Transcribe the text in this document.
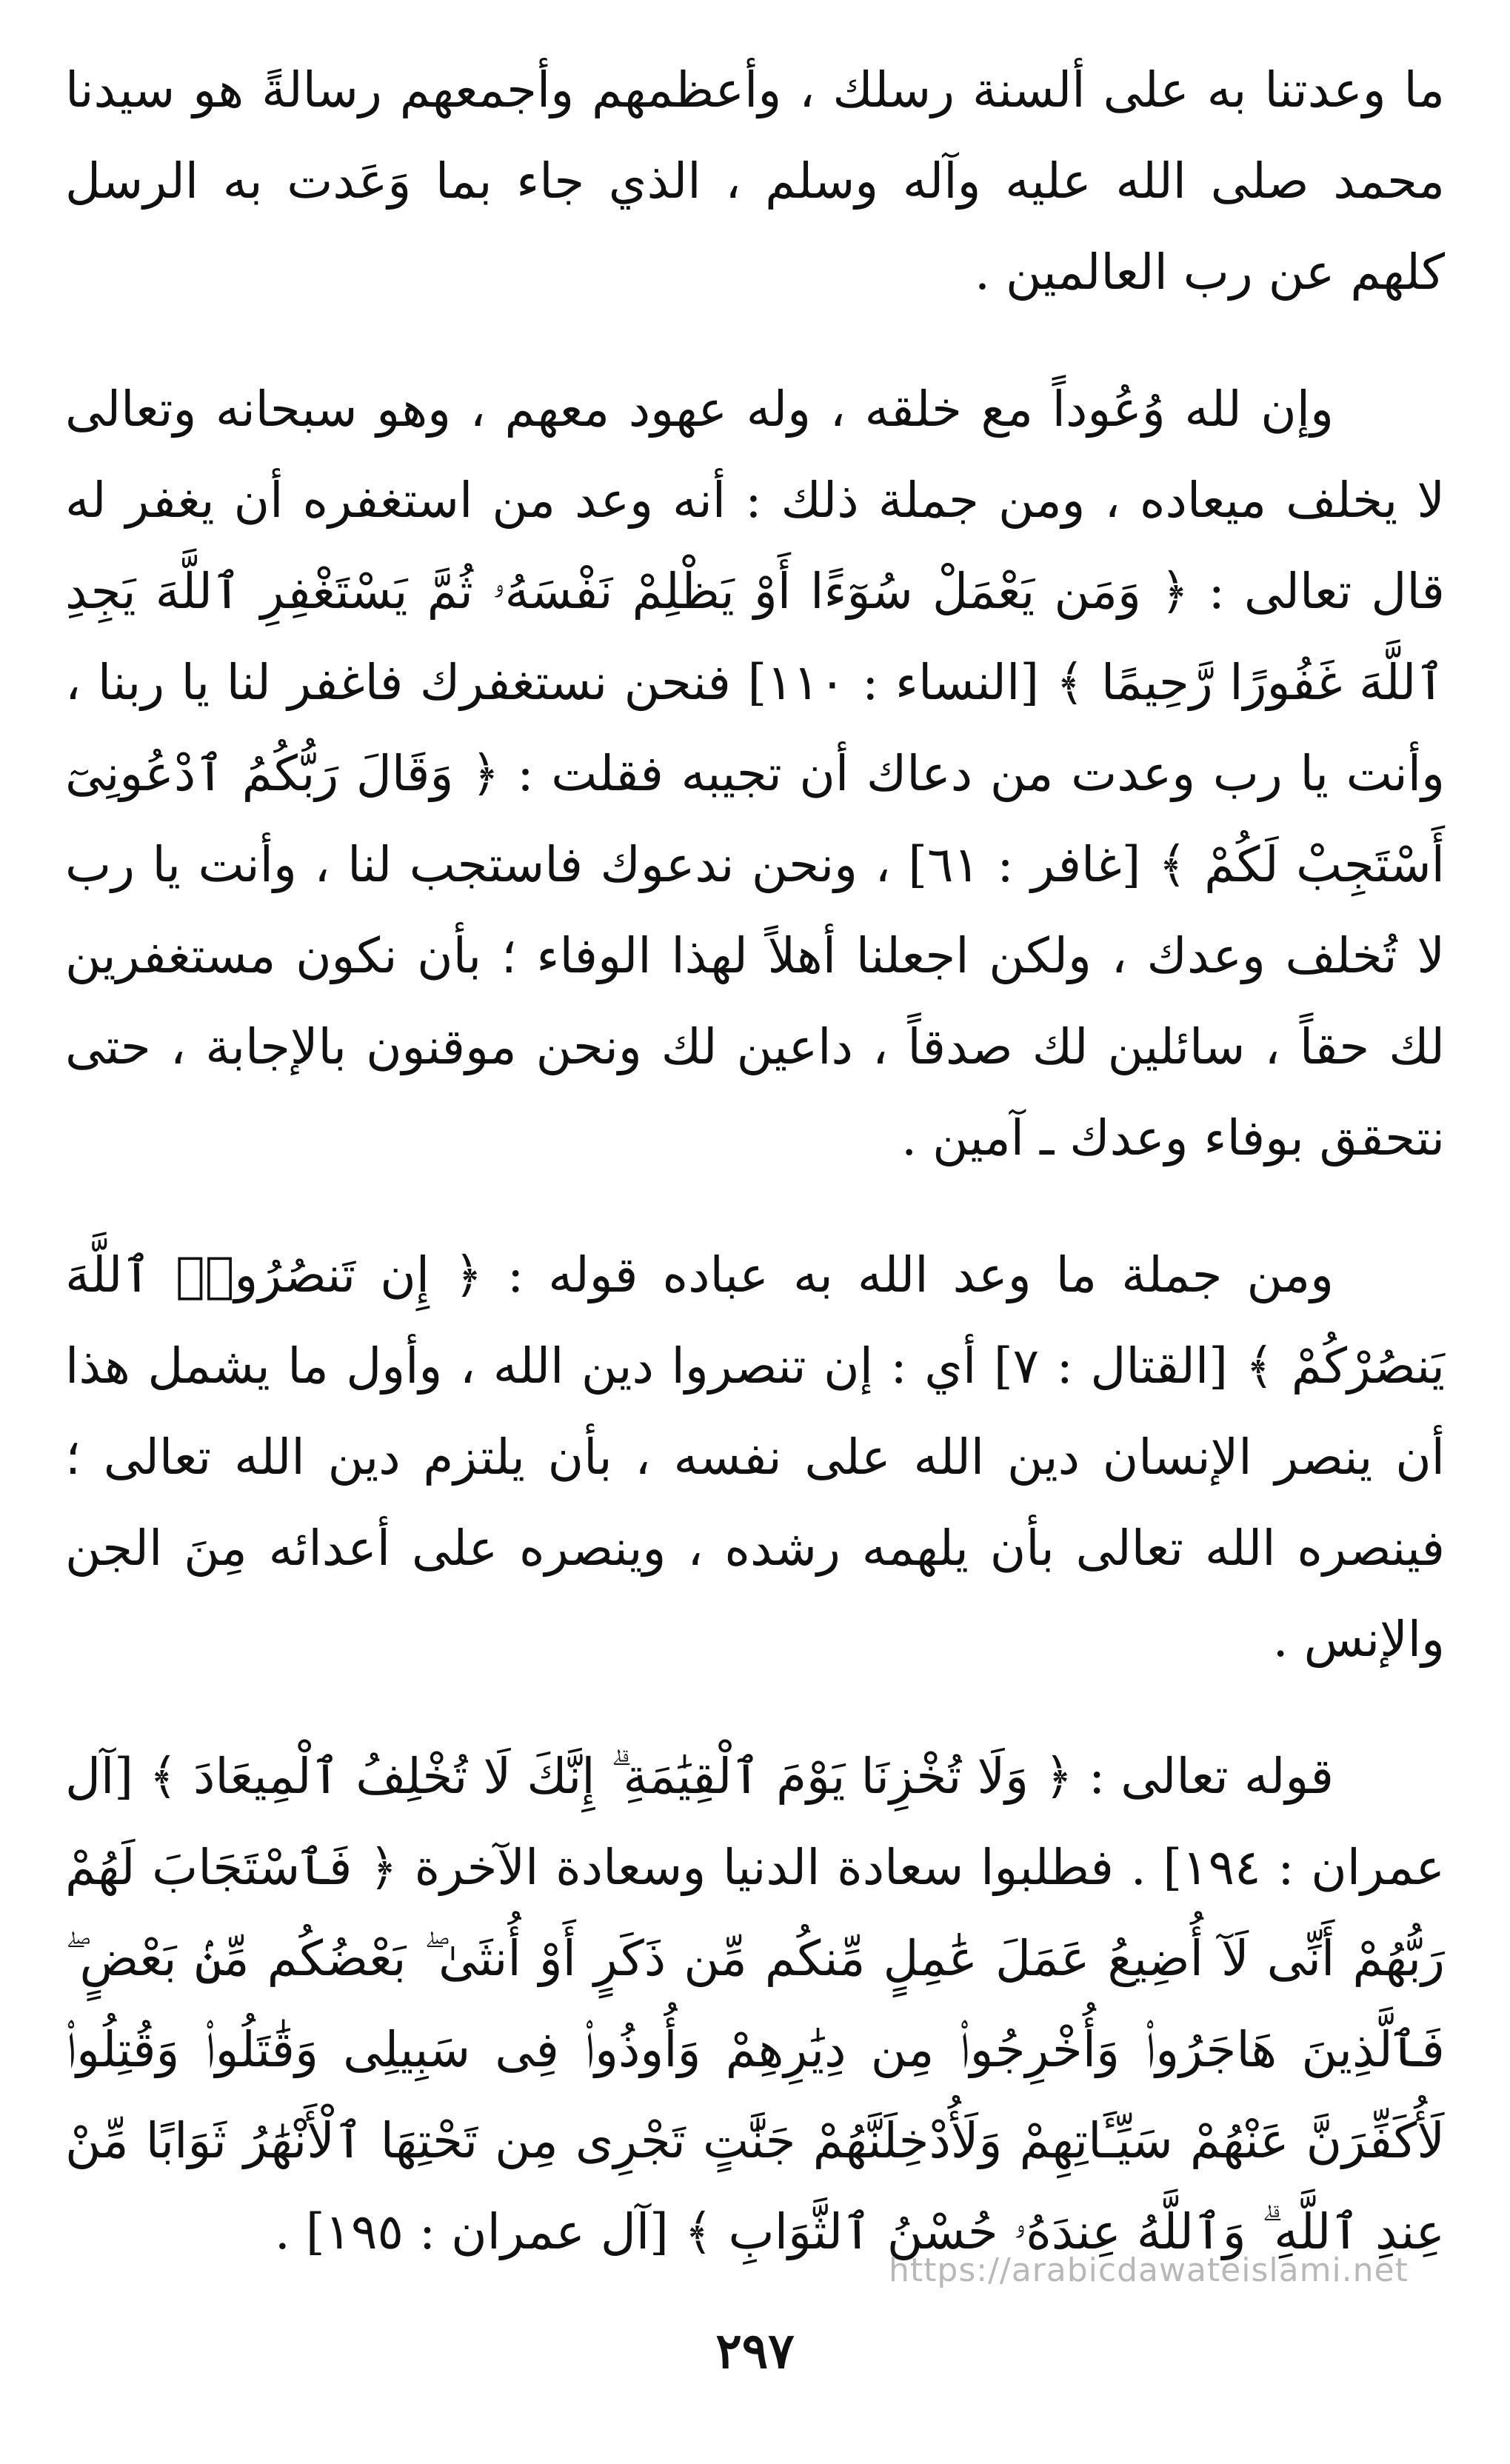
ما وعدتنا به على ألسنة رسلك ، وأعظمهم وأجمعهم رسالةً هو سيدنا محمد صلى الله عليه وآله وسلم ، الذي جاء بما وَعَدت به الرسل كلهم عن رب العالمين .

وإن لله وُعُوداً مع خلقه ، وله عهود معهم ، وهو سبحانه وتعالى لا يخلف ميعاده ، ومن جملة ذلك : أنه وعد من استغفره أن يغفر له قال تعالى : ﴿ وَمَن يَعْمَلْ سُوٓءًا أَوْ يَظْلِمْ نَفْسَهُۥ ثُمَّ يَسْتَغْفِرِ ٱللَّهَ يَجِدِ ٱللَّهَ غَفُورًا رَّحِيمًا ﴾ [النساء : ١١٠] فنحن نستغفرك فاغفر لنا يا ربنا ، وأنت يا رب وعدت من دعاك أن تجيبه فقلت : ﴿ وَقَالَ رَبُّكُمُ ٱدْعُونِىٓ أَسْتَجِبْ لَكُمْ ﴾ [غافر : ٦١] ، ونحن ندعوك فاستجب لنا ، وأنت يا رب لا تُخلف وعدك ، ولكن اجعلنا أهلاً لهذا الوفاء ؛ بأن نكون مستغفرين لك حقاً ، سائلين لك صدقاً ، داعين لك ونحن موقنون بالإجابة ، حتى نتحقق بوفاء وعدك ـ آمين .

ومن جملة ما وعد الله به عباده قوله : ﴿ إِن تَنصُرُوا۟ ٱللَّهَ يَنصُرْكُمْ ﴾ [القتال : ٧] أي : إن تنصروا دين الله ، وأول ما يشمل هذا أن ينصر الإنسان دين الله على نفسه ، بأن يلتزم دين الله تعالى ؛ فينصره الله تعالى بأن يلهمه رشده ، وينصره على أعدائه مِنَ الجن والإنس .

قوله تعالى : ﴿ وَلَا تُخْزِنَا يَوْمَ ٱلْقِيَٰمَةِ ۗ إِنَّكَ لَا تُخْلِفُ ٱلْمِيعَادَ ﴾ [آل عمران : ١٩٤] . فطلبوا سعادة الدنيا وسعادة الآخرة ﴿ فَٱسْتَجَابَ لَهُمْ رَبُّهُمْ أَنِّى لَآ أُضِيعُ عَمَلَ عَٰمِلٍ مِّنكُم مِّن ذَكَرٍ أَوْ أُنثَىٰ ۖ بَعْضُكُم مِّنۢ بَعْضٍ ۖ فَٱلَّذِينَ هَاجَرُوا۟ وَأُخْرِجُوا۟ مِن دِيَٰرِهِمْ وَأُوذُوا۟ فِى سَبِيلِى وَقَٰتَلُوا۟ وَقُتِلُوا۟ لَأُكَفِّرَنَّ عَنْهُمْ سَيِّـَٔاتِهِمْ وَلَأُدْخِلَنَّهُمْ جَنَّٰتٍ تَجْرِى مِن تَحْتِهَا ٱلْأَنْهَٰرُ ثَوَابًا مِّنْ عِندِ ٱللَّهِ ۗ وَٱللَّهُ عِندَهُۥ حُسْنُ ٱلثَّوَابِ ﴾ [آل عمران : ١٩٥] .

https://arabicdawateislami.net
٢٩٧
